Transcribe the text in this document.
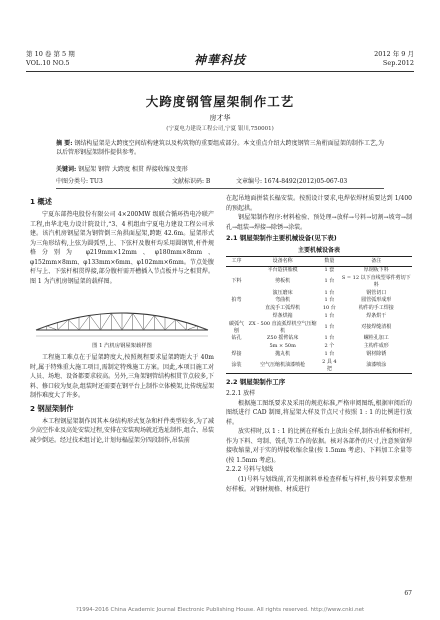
第 10 卷 第 5 期
VOL.10 NO.5	神華科技	2012 年 9 月
Sep.2012
大跨度钢管屋架制作工艺
房才华
(宁夏电力建设工程公司,宁夏 银川,750001)
摘 要: 钢结构屋架是大跨度空间结构建筑以及构筑物的重要组成部分。本文重点介绍大跨度钢管三角桁面屋架的制作工艺,为以后管形钢屋架制作提供参考。
关键词: 钢屋架 钢管 大跨度 相贯 焊接收缩及变形
中图分类号: TU3	文献标识码: B	文章编号: 1674-8492(2012)05-067-03
1 概述

宁夏东部热电股份有限公司 4×200MW 级联合循环热电冷联产工程,由华北电力设计院设计,“3、4 机组由宁夏电力建设工程公司承建。该汽机房钢屋架为钢管倒三角拱面屋架,跨距 42.6m。屋架形式为三角形结构,上弦为圆弧型,上、下弦杆及腹杆均采用圆钢管,杆件规格分别为 φ219mm×12mm、φ180mm×8mm、φ152mm×8mm、φ133mm×6mm、φ102mm×6mm。节点处腹杆与上、下弦杆相贯焊接,部分腹杆需开槽插入节点板并与之相贯焊。图 1 为汽机房钢屋架的载样图。

图 1 汽机房钢屋架载样图

工程施工难点在于屋架跨度大,按照规程要求屋架跨距大于 40m 时,属于特殊重大施工项目,需制定特殊施工方案。因此,本项目施工对人员、场地、设备都要求较高。另外,三角架钢管结构相贯节点较多,下料、修口较为复杂,组装时还需要在钢平台上制作立体模架,比传统屋架制作难度大了许多。

2 钢屋架制作

本工程钢屋架制作因其本身结构形式复杂和杆件类型较多,为了减少高空作业及高处安装过程,安排在安装现场就近选址制作,组合、吊装减少倒运。经过技术组讨论,计划每榀屋架分四段制作,吊装前

在起吊地面拼装长榀安装。按照设计要求,电焊依焊材质要达到 1/400 的预起拱。

钢屋架制作程序:材料检验、预处理→放样→号料→切割→坡弯→制孔→组装→焊接→除锈→涂装。

2.1 钢屋架制作主要机械设备(见下表)
主要机械设备表
工序	设备名称	数量	备注
	平台造拼胎模	1 套	厚钢板下料
下料	剪板机	1 台	S = 12 以下直线型零件剪切下料
	演压磨床	1 台	钢管切口
拍弯	弯曲机	1 台	圆管弧形成形
	直流手工弧焊机	10 台	构件的手工焊接
	焊条烘箱	1 台	焊条烘干
碳弧气刨	ZX - 500 直流弧焊机空气压缩机	1 台	对接焊缝清根
钻孔	Z50 摇臂钻床	1 台	螺栓孔加工
	5m × 50m	2 个	主构件成形
焊接	抛丸机	1 台	钢材除锈
涂装	空气压缩机油漆喷枪	2 具 4 把	油漆喷涂
2.2 钢屋架制作工序
2.2.1 放样

根据施工图纸要求及采用的规范标准,严格审阅图纸,根据审阅后的图纸进行 CAD 制图,将屋架大样及节点尺寸按照 1 : 1 的比例进行放样。

放实样时,以 1 : 1 的比例在样板台上放出全样,制作出样板和样杆,作为下料、弯制、铣孔等工作的依据。核对各部件的尺寸,注意预留焊接收缩量,对于实的焊接收缩余量(按 1.5mm 考虑)、下料加工余量等(按 1.5mm 考虑)。

2.2.2 号料与划线

(1)号料与划线前,首先根据料单检查样板与样杆,按号料要求整理好样板。对钢材规格、材质进行

67
?1994-2016 China Academic Journal Electronic Publishing House. All rights reserved. http://www.cnki.net
